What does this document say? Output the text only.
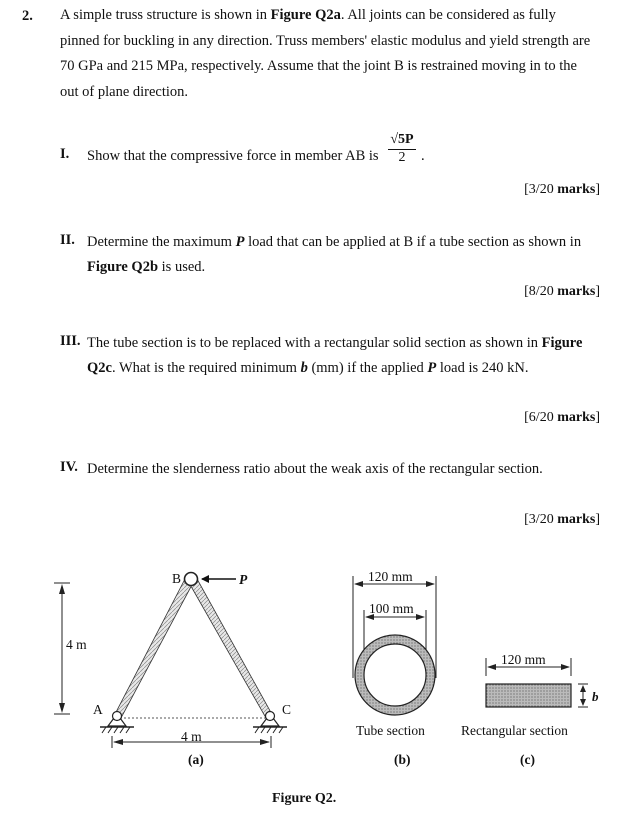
2. A simple truss structure is shown in Figure Q2a. All joints can be considered as fully
pinned for buckling in any direction. Truss members' elastic modulus and yield strength are
70 GPa and 215 MPa, respectively. Assume that the joint B is restrained moving in to the
out of plane direction.
I. Show that the compressive force in member AB is
√5P
2	.
[3/20 marks]
II. Determine the maximum P load that can be applied at B if a tube section as shown in
Figure Q2b is used.
[8/20 marks]
III. The tube section is to be replaced with a rectangular solid section as shown in Figure
Q2c. What is the required minimum b (mm) if the applied P load is 240 kN.
[6/20 marks]
IV. Determine the slenderness ratio about the weak axis of the rectangular section.
[3/20 marks]
B	P
A	C
4 m
4 m
(a)
120 mm
100 mm
Tube section
(b)
120 mm
b
Rectangular section
(c)
Figure Q2.
